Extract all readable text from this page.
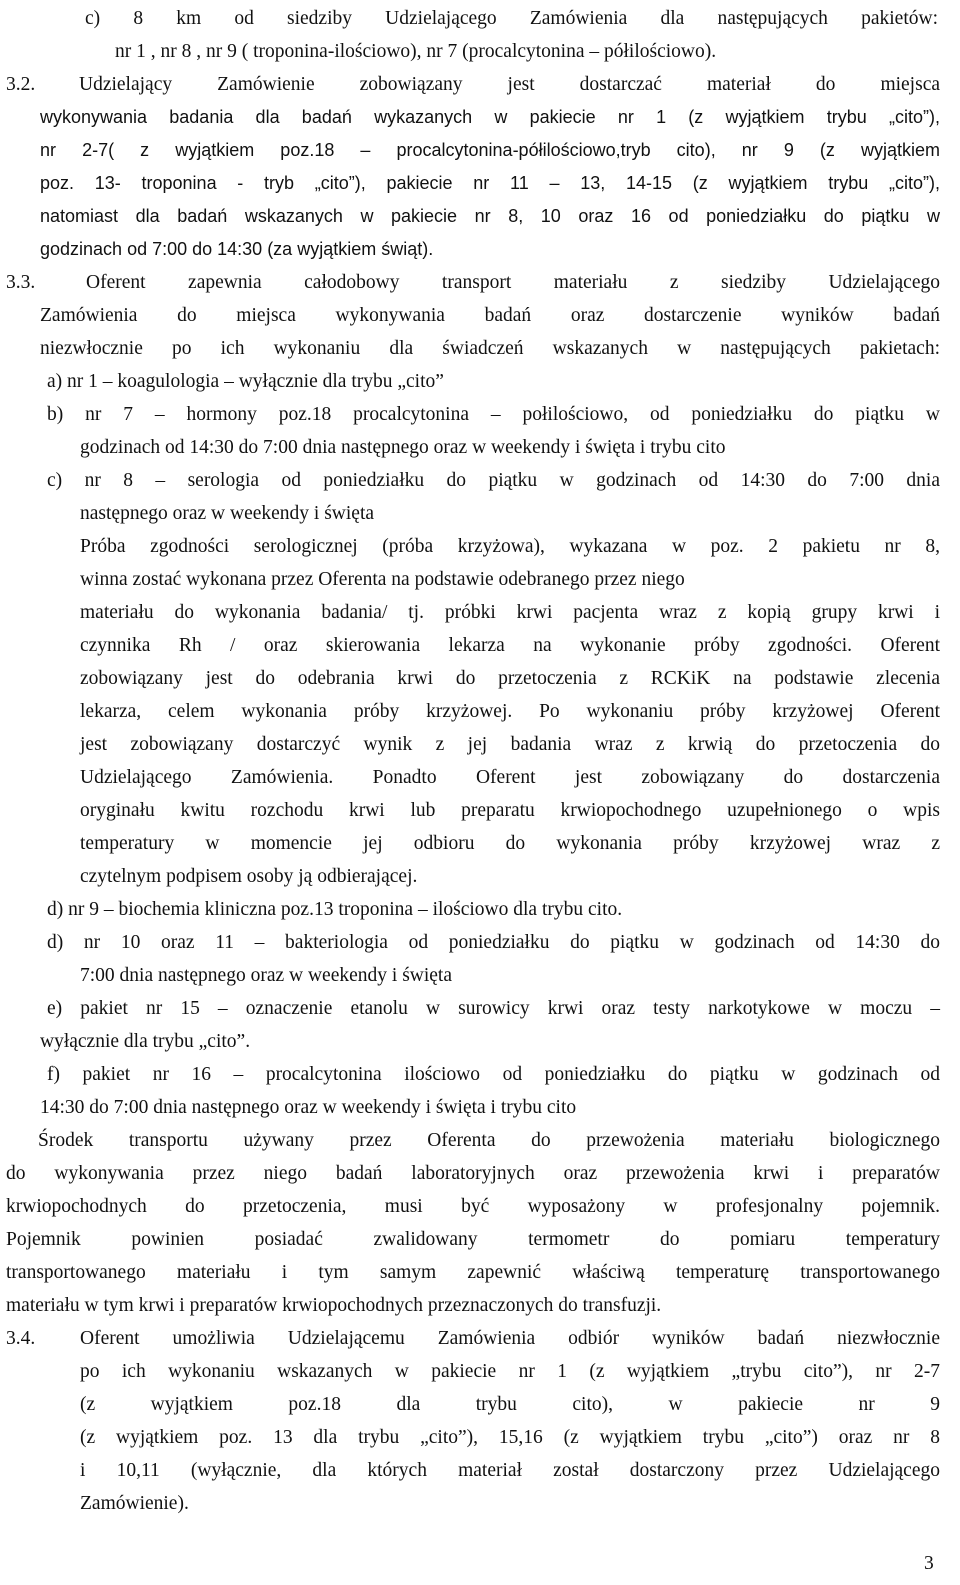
c) 8 km od siedziby Udzielającego Zamówienia dla następujących pakietów:
nr 1 , nr 8 , nr 9 ( troponina-ilościowo), nr 7 (procalcytonina – półilościowo).
3.2. Udzielający Zamówienie zobowiązany jest dostarczać materiał do miejsca
wykonywania badania dla badań wykazanych w pakiecie nr 1 (z wyjątkiem trybu „cito”),
nr 2-7( z wyjątkiem poz.18 – procalcytonina-półilościowo,tryb cito), nr 9 (z wyjątkiem
poz. 13- troponina - tryb „cito”), pakiecie nr 11 – 13, 14-15 (z wyjątkiem trybu „cito”),
natomiast dla badań wskazanych w pakiecie nr 8, 10 oraz 16 od poniedziałku do piątku w
godzinach od 7:00 do 14:30 (za wyjątkiem świąt).
3.3.	Oferent zapewnia całodobowy transport materiału z siedziby Udzielającego
Zamówienia do miejsca wykonywania badań oraz dostarczenie wyników badań
niezwłocznie po ich wykonaniu dla świadczeń wskazanych w następujących pakietach:
a) nr 1 – koagulologia – wyłącznie dla trybu „cito”
b) nr 7 – hormony poz.18 procalcytonina – połilościowo, od poniedziałku do piątku w
godzinach od 14:30 do 7:00 dnia następnego oraz w weekendy i święta i trybu cito
c) nr 8 – serologia od poniedziałku do piątku w godzinach od 14:30 do 7:00 dnia
następnego oraz w weekendy i święta
Próba zgodności serologicznej (próba krzyżowa), wykazana w poz. 2 pakietu nr 8,
winna zostać wykonana przez Oferenta na podstawie odebranego przez niego
materiału do wykonania badania/ tj. próbki krwi pacjenta wraz z kopią grupy krwi i
czynnika Rh / oraz skierowania lekarza na wykonanie próby zgodności. Oferent
zobowiązany jest do odebrania krwi do przetoczenia z RCKiK na podstawie zlecenia
lekarza, celem wykonania próby krzyżowej. Po wykonaniu próby krzyżowej Oferent
jest zobowiązany dostarczyć wynik z jej badania wraz z krwią do przetoczenia do
Udzielającego Zamówienia. Ponadto Oferent jest zobowiązany do dostarczenia
oryginału kwitu rozchodu krwi lub preparatu krwiopochodnego uzupełnionego o wpis
temperatury w momencie jej odbioru do wykonania próby krzyżowej wraz z
czytelnym podpisem osoby ją odbierającej.
d) nr 9 – biochemia kliniczna poz.13 troponina – ilościowo dla trybu cito.
d) nr 10 oraz 11 – bakteriologia od poniedziałku do piątku w godzinach od 14:30 do
7:00 dnia następnego oraz w weekendy i święta
e) pakiet nr 15 – oznaczenie etanolu w surowicy krwi oraz testy narkotykowe w moczu –
wyłącznie dla trybu „cito”.
f) pakiet nr 16 – procalcytonina ilościowo od poniedziałku do piątku w godzinach od
14:30 do 7:00 dnia następnego oraz w weekendy i święta i trybu cito
Środek transportu używany przez Oferenta do przewożenia materiału biologicznego
do wykonywania przez niego badań laboratoryjnych oraz przewożenia krwi i preparatów
krwiopochodnych do przetoczenia, musi być wyposażony w profesjonalny pojemnik.
Pojemnik powinien posiadać zwalidowany termometr do pomiaru temperatury
transportowanego materiału i tym samym zapewnić właściwą temperaturę transportowanego
materiału w tym krwi i preparatów krwiopochodnych przeznaczonych do transfuzji.
3.4. Oferent umożliwia Udzielającemu Zamówienia odbiór wyników badań niezwłocznie
po ich wykonaniu wskazanych w pakiecie nr 1 (z wyjątkiem „trybu cito”), nr 2-7
(z wyjątkiem poz.18 dla trybu cito), w pakiecie nr 9
(z wyjątkiem poz. 13 dla trybu „cito”), 15,16 (z wyjątkiem trybu „cito”) oraz nr 8
i 10,11 (wyłącznie, dla których materiał został dostarczony przez Udzielającego
Zamówienie).
3
